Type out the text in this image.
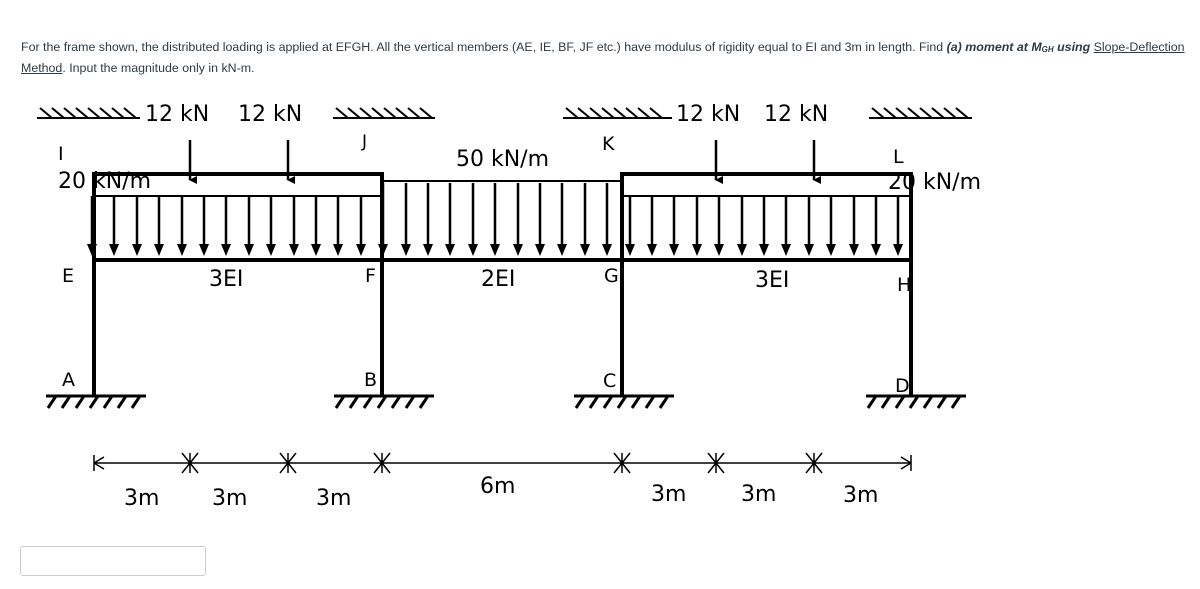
For the frame shown, the distributed loading is applied at EFGH. All the vertical members (AE, IE, BF, JF etc.) have modulus of rigidity equal to EI and 3m in length. Find (a) moment at $M_{GH}$ using Slope-Deflection Method. Input the magnitude only in kN-m.
12 kN 12 kN	12 kN 12 kN
20 kN/m
50 kN/m
20 kN/m
I
J	K
L
E	F	G	H
A	B	C	D
3EI	2EI	3EI
3m 3m	3m	6m	3m 3m	3m
